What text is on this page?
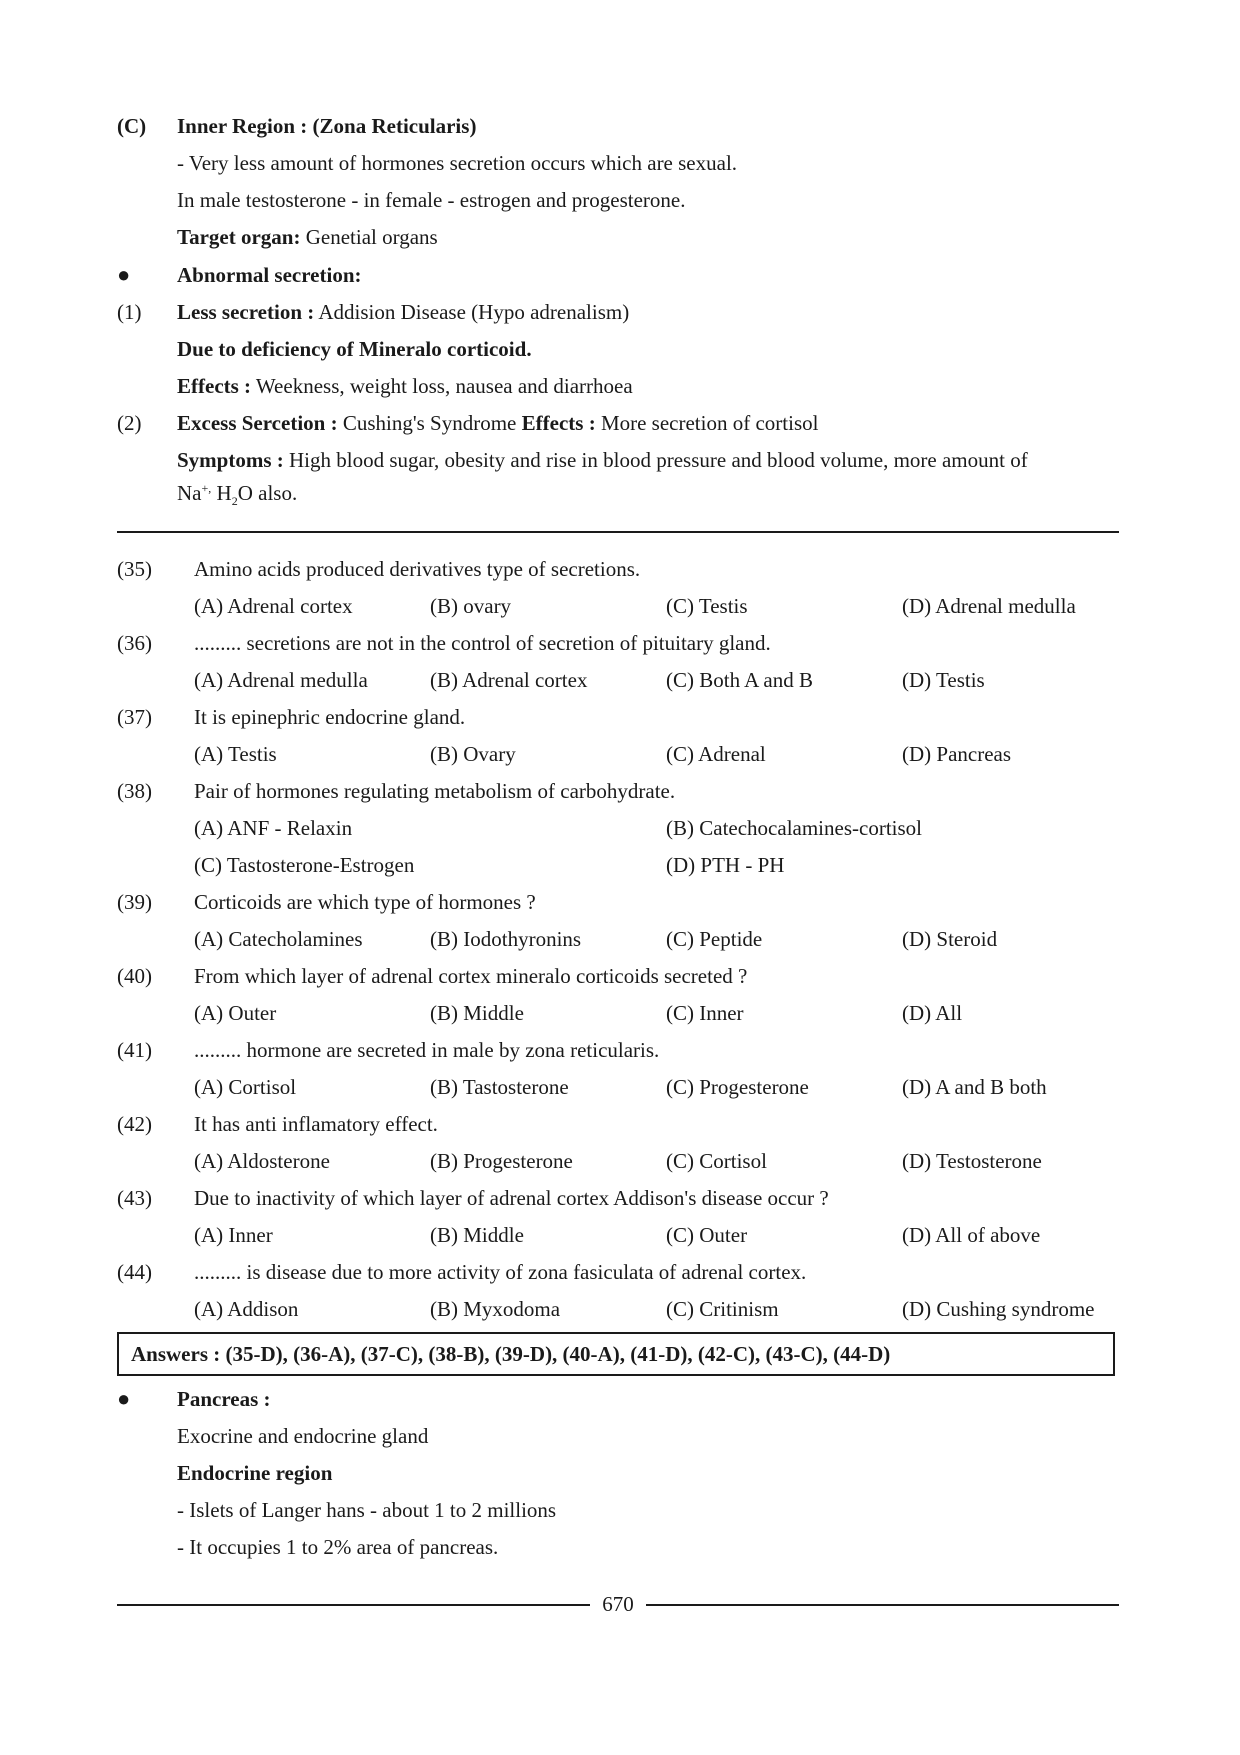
(C)	Inner Region : (Zona Reticularis)
- Very less amount of hormones secretion occurs which are sexual.
In male testosterone - in female - estrogen and progesterone.
Target organ: Genetial organs
●	Abnormal secretion:
(1)	Less secretion : Addision Disease (Hypo adrenalism)
Due to deficiency of Mineralo corticoid.
Effects : Weekness, weight loss, nausea and diarrhoea
(2)	Excess Sercetion : Cushing's Syndrome Effects : More secretion of cortisol
Symptoms : High blood sugar, obesity and rise in blood pressure and blood volume, more amount of
Na+, $H_2O$ also.
(35)	Amino acids produced derivatives type of secretions.
(A) Adrenal cortex	(B) ovary	(C) Testis	(D) Adrenal medulla
(36)	......... secretions are not in the control of secretion of pituitary gland.
(A) Adrenal medulla	(B) Adrenal cortex	(C) Both A and B	(D) Testis
(37)	It is epinephric endocrine gland.
(A) Testis	(B) Ovary	(C) Adrenal	(D) Pancreas
(38)	Pair of hormones regulating metabolism of carbohydrate.
(A) ANF - Relaxin	(B) Catechocalamines-cortisol
(C) Tastosterone-Estrogen	(D) PTH - PH
(39)	Corticoids are which type of hormones ?
(A) Catecholamines	(B) Iodothyronins	(C) Peptide	(D) Steroid
(40)	From which layer of adrenal cortex mineralo corticoids secreted ?
(A) Outer	(B) Middle	(C) Inner	(D) All
(41)	......... hormone are secreted in male by zona reticularis.
(A) Cortisol	(B) Tastosterone	(C) Progesterone	(D) A and B both
(42)	It has anti inflamatory effect.
(A) Aldosterone	(B) Progesterone	(C) Cortisol	(D) Testosterone
(43)	Due to inactivity of which layer of adrenal cortex Addison's disease occur ?
(A) Inner	(B) Middle	(C) Outer	(D) All of above
(44)	......... is disease due to more activity of zona fasiculata of adrenal cortex.
(A) Addison	(B) Myxodoma	(C) Critinism	(D) Cushing syndrome
Answers : (35-D), (36-A), (37-C), (38-B), (39-D), (40-A), (41-D), (42-C), (43-C), (44-D)
●	Pancreas :
Exocrine and endocrine gland
Endocrine region
- Islets of Langer hans - about 1 to 2 millions
- It occupies 1 to 2% area of pancreas.
670
